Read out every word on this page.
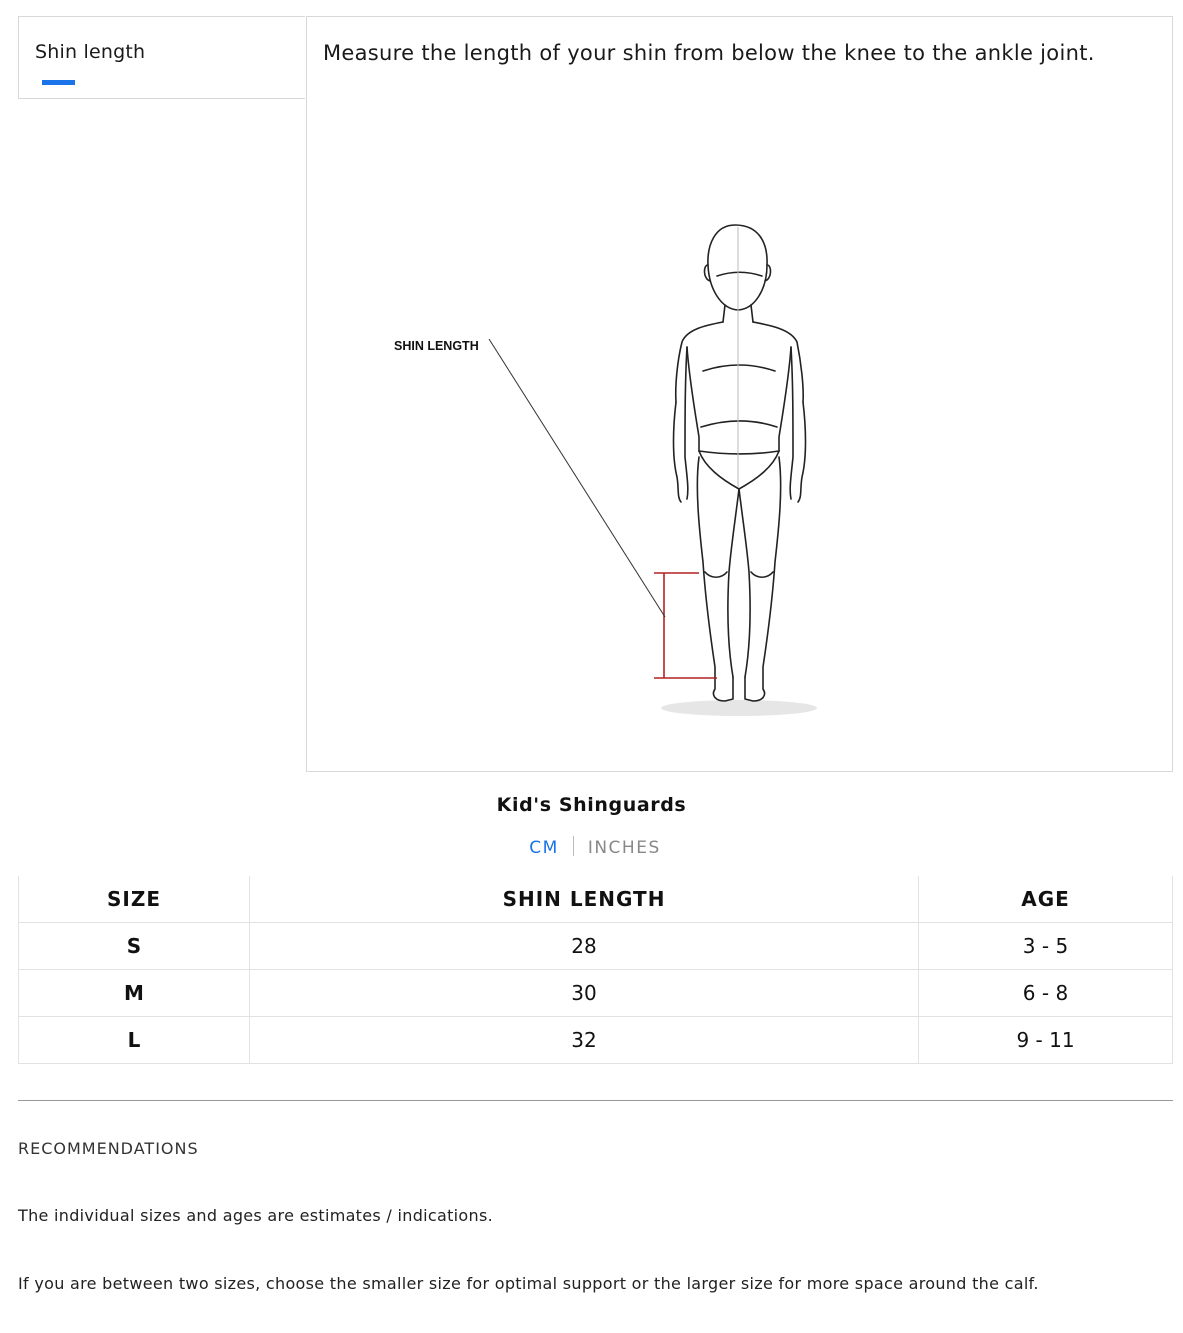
Shin length	Measure the length of your shin from below the knee to the ankle joint.
SHIN LENGTH
Kid's Shinguards
CM INCHES
SIZE	SHIN LENGTH	AGE
S	28	3 - 5
M	30	6 - 8
L	32	9 - 11
RECOMMENDATIONS
The individual sizes and ages are estimates / indications.
If you are between two sizes, choose the smaller size for optimal support or the larger size for more space around the calf.
